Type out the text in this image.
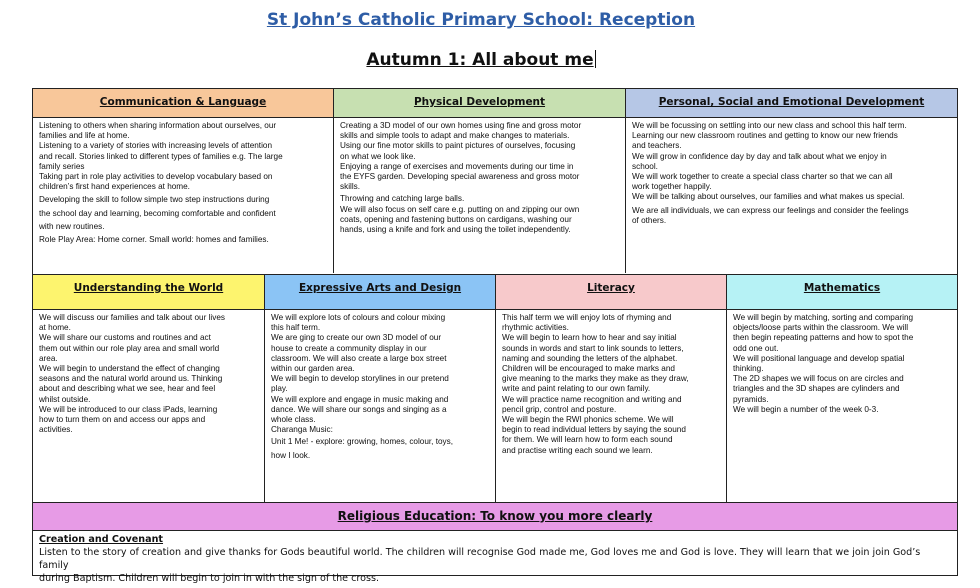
St John’s Catholic Primary School: Reception
Autumn 1: All about me
Communication & Language

Listening to others when sharing information about ourselves, our

families and life at home.

Listening to a variety of stories with increasing levels of attention

and recall. Stories linked to different types of families e.g. The large

family series

Taking part in role play activities to develop vocabulary based on

children’s first hand experiences at home.

Developing the skill to follow simple two step instructions during

the school day and learning, becoming comfortable and confident

with new routines.

Role Play Area: Home corner. Small world: homes and families.

Physical Development

Creating a 3D model of our own homes using fine and gross motor

skills and simple tools to adapt and make changes to materials.

Using our fine motor skills to paint pictures of ourselves, focusing

on what we look like.

Enjoying a range of exercises and movements during our time in

the EYFS garden. Developing special awareness and gross motor

skills.

Throwing and catching large balls.

We will also focus on self care e.g. putting on and zipping our own

coats, opening and fastening buttons on cardigans, washing our

hands, using a knife and fork and using the toilet independently.

Personal, Social and Emotional Development

We will be focussing on settling into our new class and school this half term.

Learning our new classroom routines and getting to know our new friends

and teachers.

We will grow in confidence day by day and talk about what we enjoy in

school.

We will work together to create a special class charter so that we can all

work together happily.

We will be talking about ourselves, our families and what makes us special.

We are all individuals, we can express our feelings and consider the feelings

of others.

Understanding the World

We will discuss our families and talk about our lives

at home.

We will share our customs and routines and act

them out within our role play area and small world

area.

We will begin to understand the effect of changing

seasons and the natural world around us. Thinking

about and describing what we see, hear and feel

whilst outside.

We will be introduced to our class iPads, learning

how to turn them on and access our apps and

activities.

Expressive Arts and Design

We will explore lots of colours and colour mixing

this half term.

We are ging to create our own 3D model of our

house to create a community display in our

classroom. We will also create a large box street

within our garden area.

We will begin to develop storylines in our pretend

play.

We will explore and engage in music making and

dance. We will share our songs and singing as a

whole class.

Charanga Music:

Unit 1 Me! - explore: growing, homes, colour, toys,

how I look.

Literacy

This half term we will enjoy lots of rhyming and

rhythmic activities.

We will begin to learn how to hear and say initial

sounds in words and start to link sounds to letters,

naming and sounding the letters of the alphabet.

Children will be encouraged to make marks and

give meaning to the marks they make as they draw,

write and paint relating to our own family.

We will practice name recognition and writing and

pencil grip, control and posture.

We will begin the RWI phonics scheme. We will

begin to read individual letters by saying the sound

for them. We will learn how to form each sound

and practise writing each sound we learn.

Mathematics

We will begin by matching, sorting and comparing

objects/loose parts within the classroom. We will

then begin repeating patterns and how to spot the

odd one out.

We will positional language and develop spatial

thinking.

The 2D shapes we will focus on are circles and

triangles and the 3D shapes are cylinders and

pyramids.

We will begin a number of the week 0-3.

Religious Education: To know you more clearly
Creation and Covenant
Listen to the story of creation and give thanks for Gods beautiful world. The children will recognise God made me, God loves me and God is love. They will learn that we join join God’s family
during Baptism. Children will begin to join in with the sign of the cross.
